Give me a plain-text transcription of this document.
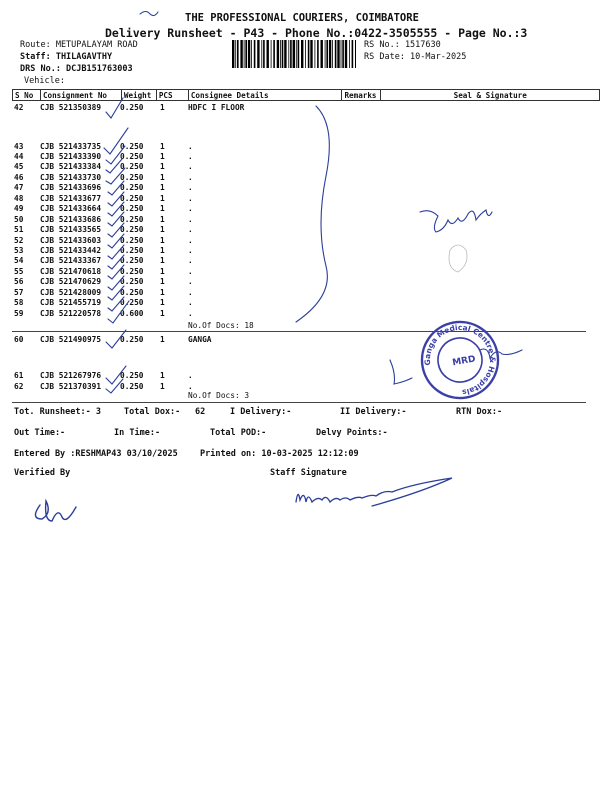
THE PROFESSIONAL COURIERS, COIMBATORE
Delivery Runsheet - P43 - Phone No.:0422-3505555 - Page No.:3
Route: METUPALAYAM ROAD
Staff: THILAGAVTHY
DRS No.: DCJB151763003
Vehicle:
RS No.: 1517630
RS Date: 10-Mar-2025
S No	Consignment No	Weight	PCS	Consignee Details	Remarks	Seal & Signature
42 CJB 521350389 0.250 1	HDFC I FLOOR
43 CJB 521433735 0.250 1	.
44 CJB 521433390 0.250 1	.
45 CJB 521433384 0.250 1	.
46 CJB 521433730 0.250 1	.
47 CJB 521433696 0.250 1	.
48 CJB 521433677 0.250 1	.
49 CJB 521433664 0.250 1	.
50 CJB 521433686 0.250 1	.
51 CJB 521433565 0.250 1	.
52 CJB 521433603 0.250 1	.
53 CJB 521433442 0.250 1	.
54 CJB 521433367 0.250 1	.
55 CJB 521470618 0.250 1	.
56 CJB 521470629 0.250 1	.
57 CJB 521428009 0.250 1	.
58 CJB 521455719 0.250 1	.
59 CJB 521220578 0.600 1	.
No.Of Docs: 18
60 CJB 521490975 0.250 1	GANGA
61 CJB 521267976 0.250 1	.
62 CJB 521370391 0.250 1	.
No.Of Docs: 3
Tot. Runsheet:- 3	Total Dox:- 62	I Delivery:-	II Delivery:-	RTN Dox:-
Out Time:-	In Time:-	Total POD:-	Delvy Points:-
Entered By :RESHMAP43 03/10/2025	Printed on: 10-03-2025 12:12:09
Verified By	Staff Signature
MRD
Ganga Medical Centre & Hospitals
